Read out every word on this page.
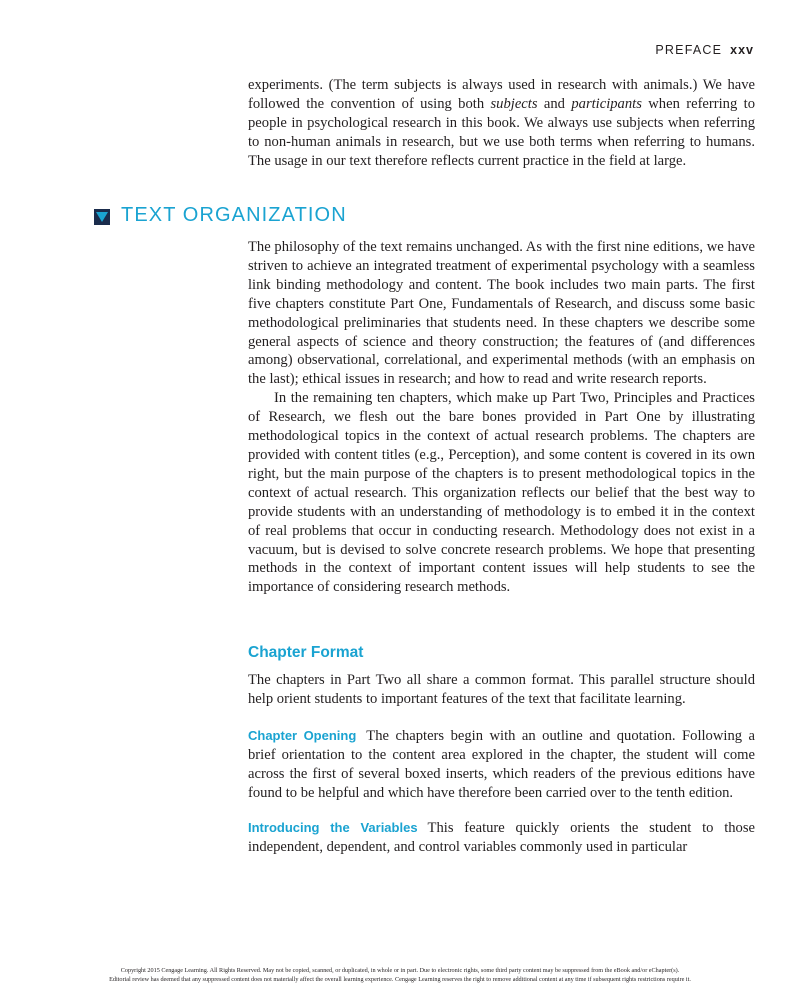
PREFACE xxv

experiments. (The term subjects is always used in research with animals.) We have followed the convention of using both subjects and participants when referring to people in psychological research in this book. We always use subjects when referring to non-human animals in research, but we use both terms when referring to humans. The usage in our text therefore reflects current practice in the field at large.

TEXT ORGANIZATION

The philosophy of the text remains unchanged. As with the first nine editions, we have striven to achieve an integrated treatment of experimental psychology with a seamless link binding methodology and content. The book includes two main parts. The first five chapters constitute Part One, Fundamentals of Research, and discuss some basic methodological preliminaries that students need. In these chapters we describe some general aspects of science and theory construction; the features of (and differences among) observational, correlational, and experimental methods (with an emphasis on the last); ethical issues in research; and how to read and write research reports.

In the remaining ten chapters, which make up Part Two, Principles and Practices of Research, we flesh out the bare bones provided in Part One by illustrating methodological topics in the context of actual research problems. The chapters are provided with content titles (e.g., Perception), and some content is covered in its own right, but the main purpose of the chapters is to present methodological topics in the context of actual research. This organization reflects our belief that the best way to provide students with an understanding of methodology is to embed it in the context of real problems that occur in conducting research. Methodology does not exist in a vacuum, but is devised to solve concrete research problems. We hope that presenting methods in the context of important content issues will help students to see the importance of considering research methods.

Chapter Format

The chapters in Part Two all share a common format. This parallel structure should help orient students to important features of the text that facilitate learning.

Chapter Opening The chapters begin with an outline and quotation. Following a brief orientation to the content area explored in the chapter, the student will come across the first of several boxed inserts, which readers of the previous editions have found to be helpful and which have therefore been carried over to the tenth edition.

Introducing the Variables This feature quickly orients the student to those independent, dependent, and control variables commonly used in particular

Copyright 2015 Cengage Learning. All Rights Reserved. May not be copied, scanned, or duplicated, in whole or in part. Due to electronic rights, some third party content may be suppressed from the eBook and/or eChapter(s).
Editorial review has deemed that any suppressed content does not materially affect the overall learning experience. Cengage Learning reserves the right to remove additional content at any time if subsequent rights restrictions require it.
